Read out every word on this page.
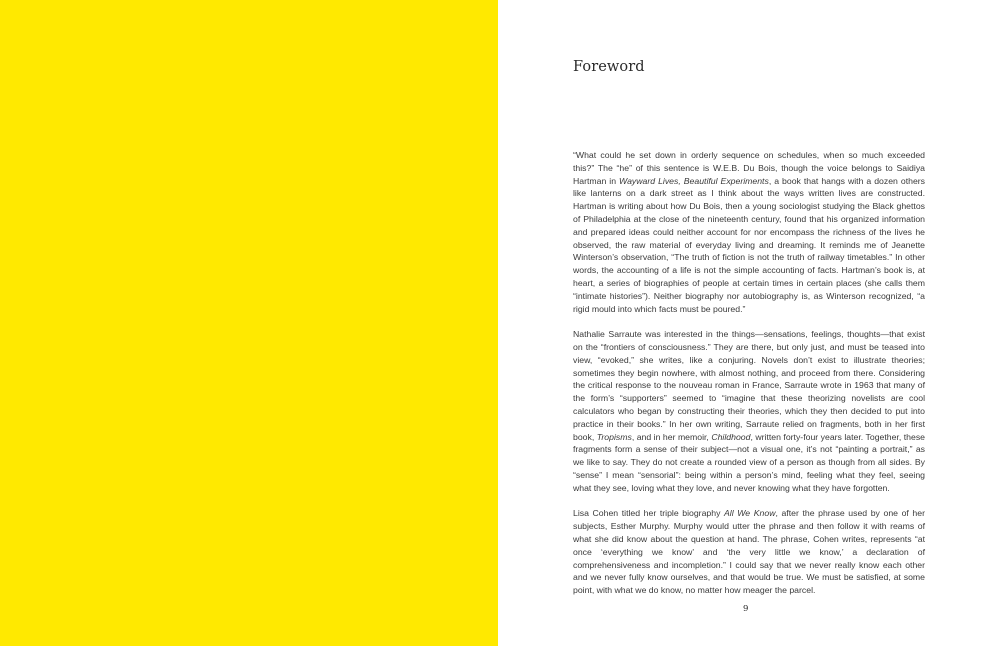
Foreword

“What could he set down in orderly sequence on schedules, when so much exceeded this?” The “he” of this sentence is W.E.B. Du Bois, though the voice belongs to Saidiya Hartman in Wayward Lives, Beautiful Experiments, a book that hangs with a dozen others like lanterns on a dark street as I think about the ways written lives are constructed. Hartman is writing about how Du Bois, then a young sociologist studying the Black ghettos of Philadelphia at the close of the nineteenth century, found that his organized information and prepared ideas could neither account for nor encompass the richness of the lives he observed, the raw material of everyday living and dreaming. It reminds me of Jeanette Winterson’s observation, “The truth of fiction is not the truth of railway timetables.” In other words, the accounting of a life is not the simple accounting of facts. Hartman’s book is, at heart, a series of biographies of people at certain times in certain places (she calls them “intimate histories”). Neither biography nor autobiography is, as Winterson recognized, “a rigid mould into which facts must be poured.”

Nathalie Sarraute was interested in the things—sensations, feelings, thoughts—that exist on the “frontiers of consciousness.” They are there, but only just, and must be teased into view, “evoked,” she writes, like a conjuring. Novels don’t exist to illustrate theories; sometimes they begin nowhere, with almost nothing, and proceed from there. Considering the critical response to the nouveau roman in France, Sarraute wrote in 1963 that many of the form’s “supporters” seemed to “imagine that these theorizing novelists are cool calculators who began by constructing their theories, which they then decided to put into practice in their books.” In her own writing, Sarraute relied on fragments, both in her first book, Tropisms, and in her memoir, Childhood, written forty-four years later. Together, these fragments form a sense of their subject—not a visual one, it’s not “painting a portrait,” as we like to say. They do not create a rounded view of a person as though from all sides. By “sense” I mean “sensorial”: being within a person’s mind, feeling what they feel, seeing what they see, loving what they love, and never knowing what they have forgotten.

Lisa Cohen titled her triple biography All We Know, after the phrase used by one of her subjects, Esther Murphy. Murphy would utter the phrase and then follow it with reams of what she did know about the question at hand. The phrase, Cohen writes, represents “at once ‘everything we know’ and ‘the very little we know,’ a declaration of comprehensiveness and incompletion.” I could say that we never really know each other and we never fully know ourselves, and that would be true. We must be satisfied, at some point, with what we do know, no matter how meager the parcel.

9
